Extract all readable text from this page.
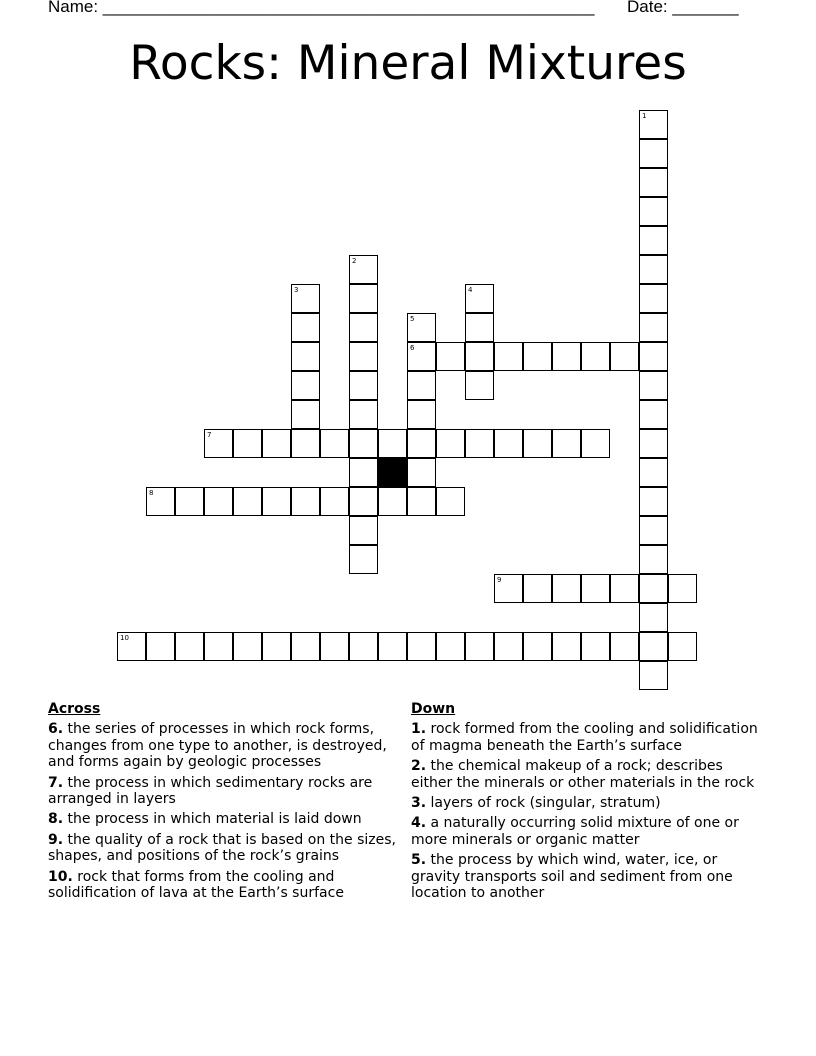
Name: ____________________________________________________ Date: _______
Rocks: Mineral Mixtures
1
2
3	4
5
6
7
8
9
10
Across
6. the series of processes in which rock forms, changes from one type to another, is destroyed, and forms again by geologic processes
7. the process in which sedimentary rocks are arranged in layers
8. the process in which material is laid down
9. the quality of a rock that is based on the sizes, shapes, and positions of the rock’s grains
10. rock that forms from the cooling and solidification of lava at the Earth’s surface
Down
1. rock formed from the cooling and solidification of magma beneath the Earth’s surface
2. the chemical makeup of a rock; describes either the minerals or other materials in the rock
3. layers of rock (singular, stratum)
4. a naturally occurring solid mixture of one or more minerals or organic matter
5. the process by which wind, water, ice, or gravity transports soil and sediment from one location to another
